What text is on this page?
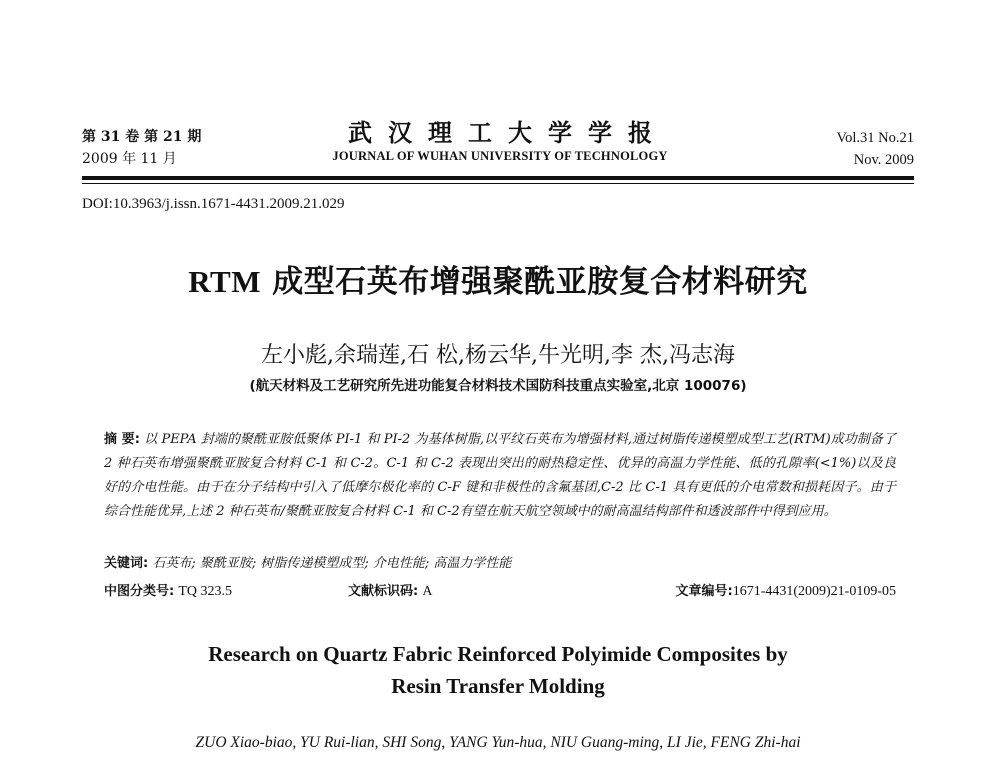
第 31 卷 第 21 期
2009 年 11 月
武汉理工大学学报
JOURNAL OF WUHAN UNIVERSITY OF TECHNOLOGY
Vol.31 No.21
Nov. 2009
DOI:10.3963/j.issn.1671-4431.2009.21.029
RTM 成型石英布增强聚酰亚胺复合材料研究
左小彪,余瑞莲,石 松,杨云华,牛光明,李 杰,冯志海
(航天材料及工艺研究所先进功能复合材料技术国防科技重点实验室,北京 100076)
摘 要: 以 PEPA 封端的聚酰亚胺低聚体 PI-1 和 PI-2 为基体树脂,以平纹石英布为增强材料,通过树脂传递模塑成型工艺(RTM)成功制备了 2 种石英布增强聚酰亚胺复合材料 C-1 和 C-2。C-1 和 C-2 表现出突出的耐热稳定性、优异的高温力学性能、低的孔隙率(<1%)以及良好的介电性能。由于在分子结构中引入了低摩尔极化率的 C-F 键和非极性的含氟基团,C-2 比 C-1 具有更低的介电常数和损耗因子。由于综合性能优异,上述 2 种石英布/聚酰亚胺复合材料 C-1 和 C-2有望在航天航空领域中的耐高温结构部件和透波部件中得到应用。
关键词: 石英布; 聚酰亚胺; 树脂传递模塑成型; 介电性能; 高温力学性能
中图分类号: TQ 323.5	文献标识码: A	文章编号:1671-4431(2009)21-0109-05
Research on Quartz Fabric Reinforced Polyimide Composites by
Resin Transfer Molding
ZUO Xiao-biao, YU Rui-lian, SHI Song, YANG Yun-hua, NIU Guang-ming, LI Jie, FENG Zhi-hai
